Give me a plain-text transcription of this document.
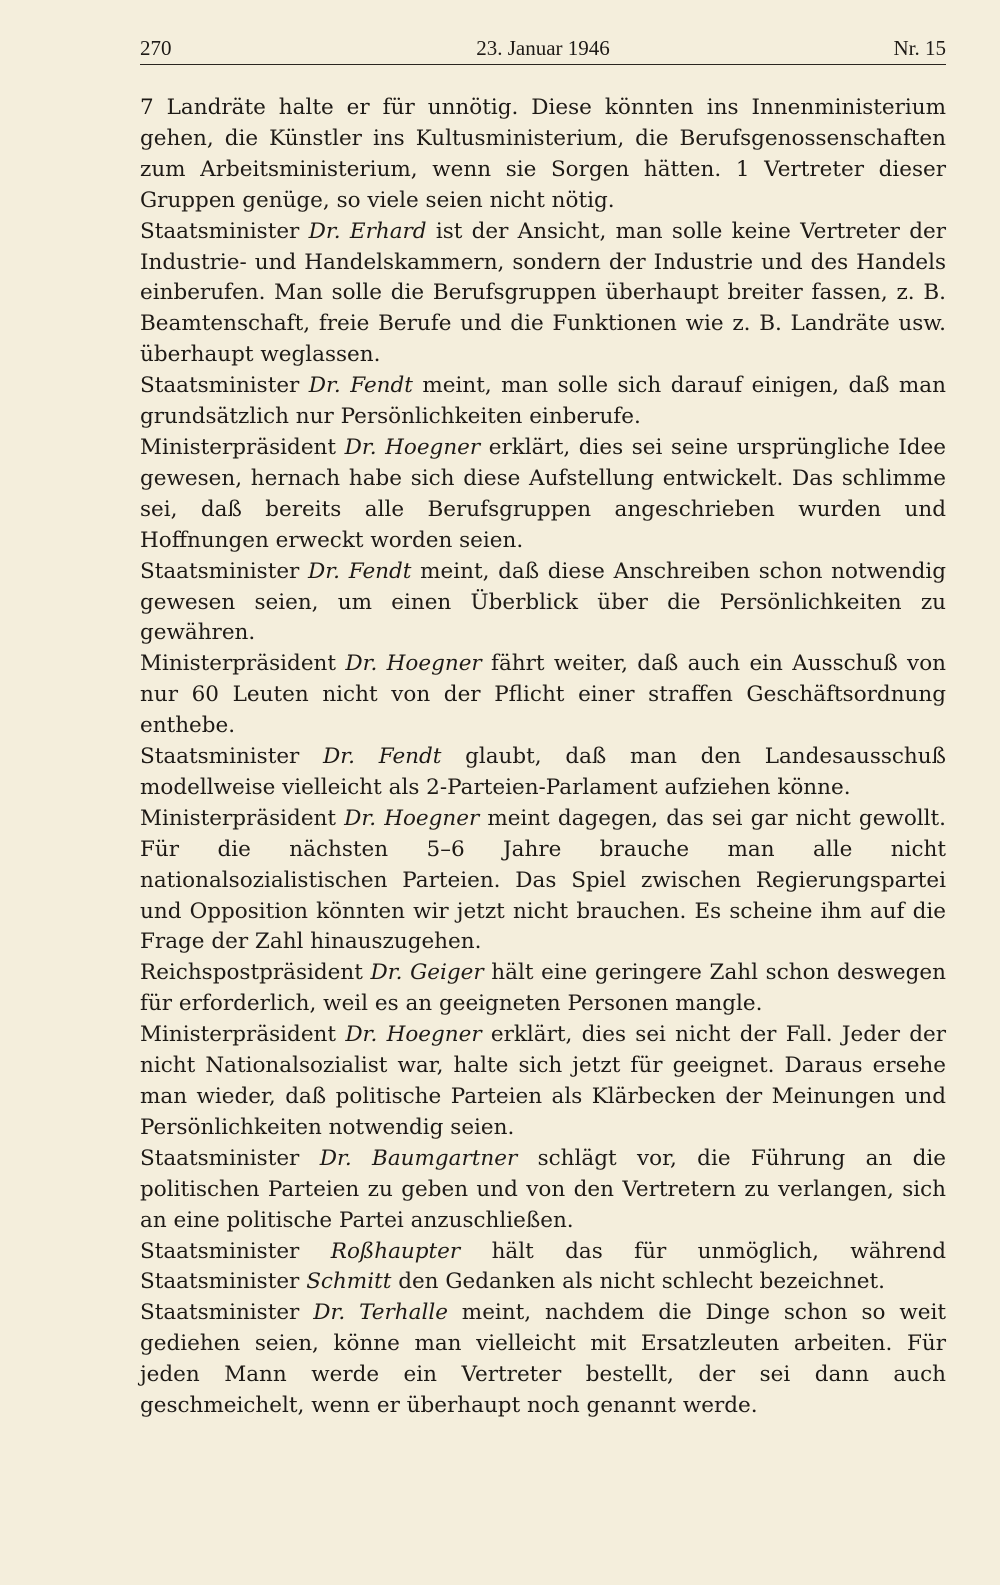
270	23. Januar 1946	Nr. 15

7 Landräte halte er für unnötig. Diese könnten ins Innenministerium gehen, die Künstler ins Kultusministerium, die Berufsgenossenschaften zum Arbeitsministerium, wenn sie Sorgen hätten. 1 Vertreter dieser Gruppen genüge, so viele seien nicht nötig.

Staatsminister Dr. Erhard ist der Ansicht, man solle keine Vertreter der Industrie- und Handelskammern, sondern der Industrie und des Handels einberufen. Man solle die Berufsgruppen überhaupt breiter fassen, z. B. Beamtenschaft, freie Berufe und die Funktionen wie z. B. Landräte usw. überhaupt weglassen.

Staatsminister Dr. Fendt meint, man solle sich darauf einigen, daß man grundsätzlich nur Persönlichkeiten einberufe.

Ministerpräsident Dr. Hoegner erklärt, dies sei seine ursprüngliche Idee gewesen, hernach habe sich diese Aufstellung entwickelt. Das schlimme sei, daß bereits alle Berufsgruppen angeschrieben wurden und Hoffnungen erweckt worden seien.

Staatsminister Dr. Fendt meint, daß diese Anschreiben schon notwendig gewesen seien, um einen Überblick über die Persönlichkeiten zu gewähren.

Ministerpräsident Dr. Hoegner fährt weiter, daß auch ein Ausschuß von nur 60 Leuten nicht von der Pflicht einer straffen Geschäftsordnung enthebe.

Staatsminister Dr. Fendt glaubt, daß man den Landesausschuß modellweise vielleicht als 2-Parteien-Parlament aufziehen könne.

Ministerpräsident Dr. Hoegner meint dagegen, das sei gar nicht gewollt. Für die nächsten 5–6 Jahre brauche man alle nicht nationalsozialistischen Parteien. Das Spiel zwischen Regierungspartei und Opposition könnten wir jetzt nicht brauchen. Es scheine ihm auf die Frage der Zahl hinauszugehen.

Reichspostpräsident Dr. Geiger hält eine geringere Zahl schon deswegen für erforderlich, weil es an geeigneten Personen mangle.

Ministerpräsident Dr. Hoegner erklärt, dies sei nicht der Fall. Jeder der nicht Nationalsozialist war, halte sich jetzt für geeignet. Daraus ersehe man wieder, daß politische Parteien als Klärbecken der Meinungen und Persönlichkeiten notwendig seien.

Staatsminister Dr. Baumgartner schlägt vor, die Führung an die politischen Parteien zu geben und von den Vertretern zu verlangen, sich an eine politische Partei anzuschließen.

Staatsminister Roßhaupter hält das für unmöglich, während Staatsminister Schmitt den Gedanken als nicht schlecht bezeichnet.

Staatsminister Dr. Terhalle meint, nachdem die Dinge schon so weit gediehen seien, könne man vielleicht mit Ersatzleuten arbeiten. Für jeden Mann werde ein Vertreter bestellt, der sei dann auch geschmeichelt, wenn er überhaupt noch genannt werde.
